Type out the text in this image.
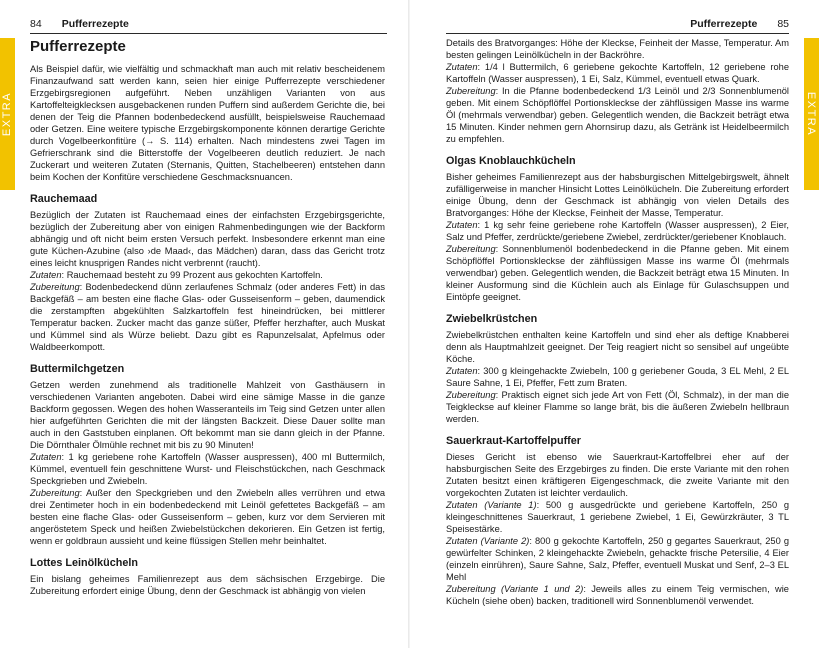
EXTRA
84 Pufferrezepte
Pufferrezepte

Als Beispiel dafür, wie vielfältig und schmackhaft man auch mit relativ bescheidenem Finanzaufwand satt werden kann, seien hier einige Pufferrezepte verschiedener Erzgebirgsregionen aufgeführt. Neben unzähligen Varianten von aus Kartoffelteigklecksen ausgebackenen runden Puffern sind außerdem Gerichte die, bei denen der Teig die Pfannen bodenbedeckend ausfüllt, beispielsweise Rauchemaad oder Getzen. Eine weitere typische Erzgebirgskomponente können derartige Gerichte durch Vogelbeerkonfitüre (→ S. 114) erhalten. Nach mindestens zwei Tagen im Gefrierschrank sind die Bitterstoffe der Vogelbeeren deutlich reduziert. Je nach Zuckerart und weiteren Zutaten (Sternanis, Quitten, Stachelbeeren) entstehen dann beim Kochen der Konfitüre verschiedene Geschmacksnuancen.

Rauchemaad

Bezüglich der Zutaten ist Rauchemaad eines der einfachsten Erzgebirgsgerichte, bezüglich der Zubereitung aber von einigen Rahmenbedingungen wie der Backform abhängig und oft nicht beim ersten Versuch perfekt. Insbesondere erkennt man eine gute Küchen-Azubine (also ›de Maad‹, das Mädchen) daran, dass das Gericht trotz eines leicht knusprigen Randes nicht verbrennt (raucht).

Zutaten: Rauchemaad besteht zu 99 Prozent aus gekochten Kartoffeln.

Zubereitung: Bodenbedeckend dünn zerlaufenes Schmalz (oder anderes Fett) in das Backgefäß – am besten eine flache Glas- oder Gusseisenform – geben, daumendick die zerstampften abgekühlten Salzkartoffeln fest hineindrücken, bei mittlerer Temperatur backen. Zucker macht das ganze süßer, Pfeffer herzhafter, auch Muskat und Kümmel sind als Würze beliebt. Dazu gibt es Rapunzelsalat, Apfelmus oder Waldbeerkompott.

Buttermilchgetzen

Getzen werden zunehmend als traditionelle Mahlzeit von Gasthäusern in verschiedenen Varianten angeboten. Dabei wird eine sämige Masse in die ganze Backform gegossen. Wegen des hohen Wasseranteils im Teig sind Getzen unter allen hier aufgeführten Gerichten die mit der längsten Backzeit. Diese Dauer sollte man auch in den Gaststuben einplanen. Oft bekommt man sie dann gleich in der Pfanne. Die Dörnthaler Ölmühle rechnet mit bis zu 90 Minuten!

Zutaten: 1 kg geriebene rohe Kartoffeln (Wasser auspressen), 400 ml Buttermilch, Kümmel, eventuell fein geschnittene Wurst- und Fleischstückchen, nach Geschmack Speckgrieben und Zwiebeln.

Zubereitung: Außer den Speckgrieben und den Zwiebeln alles verrühren und etwa drei Zentimeter hoch in ein bodenbedeckend mit Leinöl gefettetes Backgefäß – am besten eine flache Glas- oder Gusseisenform – geben, kurz vor dem Servieren mit angeröstetem Speck und heißen Zwiebelstückchen dekorieren. Ein Getzen ist fertig, wenn er goldbraun aussieht und keine flüssigen Stellen mehr beinhaltet.

Lottes Leinölkücheln

Ein bislang geheimes Familienrezept aus dem sächsischen Erzgebirge. Die Zubereitung erfordert einige Übung, denn der Geschmack ist abhängig von vielen

EXTRA
Pufferrezepte 85

Details des Bratvorganges: Höhe der Kleckse, Feinheit der Masse, Temperatur. Am besten gelingen Leinölkücheln in der Backröhre.

Zutaten: 1/4 l Buttermilch, 6 geriebene gekochte Kartoffeln, 12 geriebene rohe Kartoffeln (Wasser auspressen), 1 Ei, Salz, Kümmel, eventuell etwas Quark.

Zubereitung: In die Pfanne bodenbedeckend 1/3 Leinöl und 2/3 Sonnenblumenöl geben. Mit einem Schöpflöffel Portionskleckse der zähflüssigen Masse ins warme Öl (mehrmals verwendbar) geben. Gelegentlich wenden, die Backzeit beträgt etwa 15 Minuten. Kinder nehmen gern Ahornsirup dazu, als Getränk ist Heidelbeermilch zu empfehlen.

Olgas Knoblauchkücheln

Bisher geheimes Familienrezept aus der habsburgischen Mittelgebirgswelt, ähnelt zufälligerweise in mancher Hinsicht Lottes Leinölkücheln. Die Zubereitung erfordert einige Übung, denn der Geschmack ist abhängig von vielen Details des Bratvorganges: Höhe der Kleckse, Feinheit der Masse, Temperatur.

Zutaten: 1 kg sehr feine geriebene rohe Kartoffeln (Wasser auspressen), 2 Eier, Salz und Pfeffer, zerdrückte/geriebene Zwiebel, zerdrückter/geriebener Knoblauch.

Zubereitung: Sonnenblumenöl bodenbedeckend in die Pfanne geben. Mit einem Schöpflöffel Portionskleckse der zähflüssigen Masse ins warme Öl (mehrmals verwendbar) geben. Gelegentlich wenden, die Backzeit beträgt etwa 15 Minuten. In kleiner Ausformung sind die Küchlein auch als Einlage für Gulaschsuppen und Eintöpfe geeignet.

Zwiebelkrüstchen

Zwiebelkrüstchen enthalten keine Kartoffeln und sind eher als deftige Knabberei denn als Hauptmahlzeit geeignet. Der Teig reagiert nicht so sensibel auf ungeübte Köche.

Zutaten: 300 g kleingehackte Zwiebeln, 100 g geriebener Gouda, 3 EL Mehl, 2 EL Saure Sahne, 1 Ei, Pfeffer, Fett zum Braten.

Zubereitung: Praktisch eignet sich jede Art von Fett (Öl, Schmalz), in der man die Teigkleckse auf kleiner Flamme so lange brät, bis die äußeren Zwiebeln hellbraun werden.

Sauerkraut-Kartoffelpuffer

Dieses Gericht ist ebenso wie Sauerkraut-Kartoffelbrei eher auf der habsburgischen Seite des Erzgebirges zu finden. Die erste Variante mit den rohen Zutaten besitzt einen kräftigeren Eigengeschmack, die zweite Variante mit den vorgekochten Zutaten ist leichter verdaulich.

Zutaten (Variante 1): 500 g ausgedrückte und geriebene Kartoffeln, 250 g kleingeschnittenes Sauerkraut, 1 geriebene Zwiebel, 1 Ei, Gewürzkräuter, 3 TL Speisestärke.

Zutaten (Variante 2): 800 g gekochte Kartoffeln, 250 g gegartes Sauerkraut, 250 g gewürfelter Schinken, 2 kleingehackte Zwiebeln, gehackte frische Petersilie, 4 Eier (einzeln einrühren), Saure Sahne, Salz, Pfeffer, eventuell Muskat und Senf, 2–3 EL Mehl

Zubereitung (Variante 1 und 2): Jeweils alles zu einem Teig vermischen, wie Kücheln (siehe oben) backen, traditionell wird Sonnenblumenöl verwendet.
